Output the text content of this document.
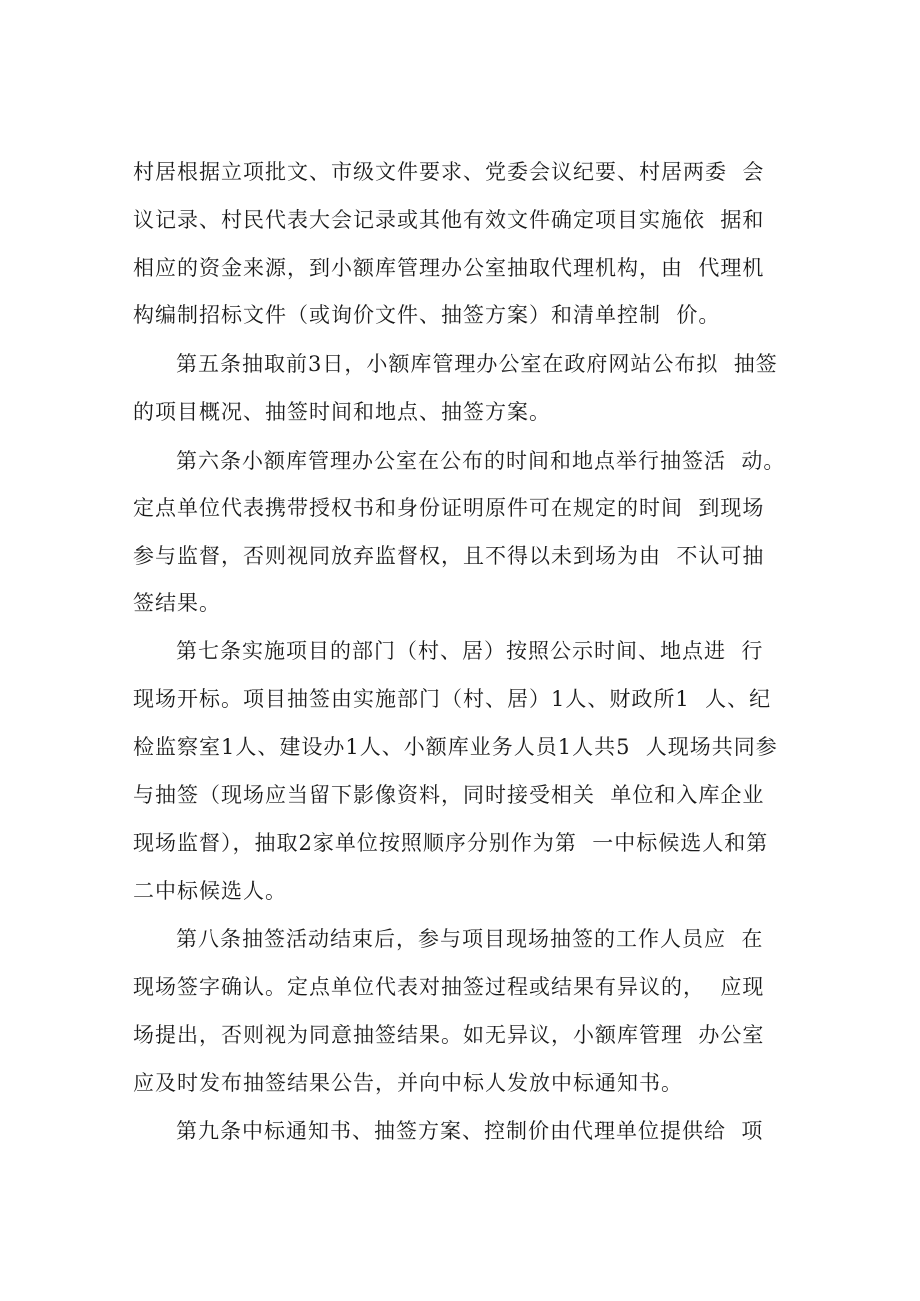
村居根据立项批文、市级文件要求、党委会议纪要、村居两委  会
议记录、村民代表大会记录或其他有效文件确定项目实施依  据和
相应的资金来源，到小额库管理办公室抽取代理机构，由  代理机
构编制招标文件（或询价文件、抽签方案）和清单控制  价。
第五条抽取前3日，小额库管理办公室在政府网站公布拟  抽签
的项目概况、抽签时间和地点、抽签方案。
第六条小额库管理办公室在公布的时间和地点举行抽签活  动。
定点单位代表携带授权书和身份证明原件可在规定的时间  到现场
参与监督，否则视同放弃监督权，且不得以未到场为由  不认可抽
签结果。
第七条实施项目的部门（村、居）按照公示时间、地点进  行
现场开标。项目抽签由实施部门（村、居）1人、财政所1  人、纪
检监察室1人、建设办1人、小额库业务人员1人共5  人现场共同参
与抽签（现场应当留下影像资料，同时接受相关  单位和入库企业
现场监督），抽取2家单位按照顺序分别作为第  一中标候选人和第
二中标候选人。
第八条抽签活动结束后，参与项目现场抽签的工作人员应  在
现场签字确认。定点单位代表对抽签过程或结果有异议的，  应现
场提出，否则视为同意抽签结果。如无异议，小额库管理  办公室
应及时发布抽签结果公告，并向中标人发放中标通知书。
第九条中标通知书、抽签方案、控制价由代理单位提供给  项
